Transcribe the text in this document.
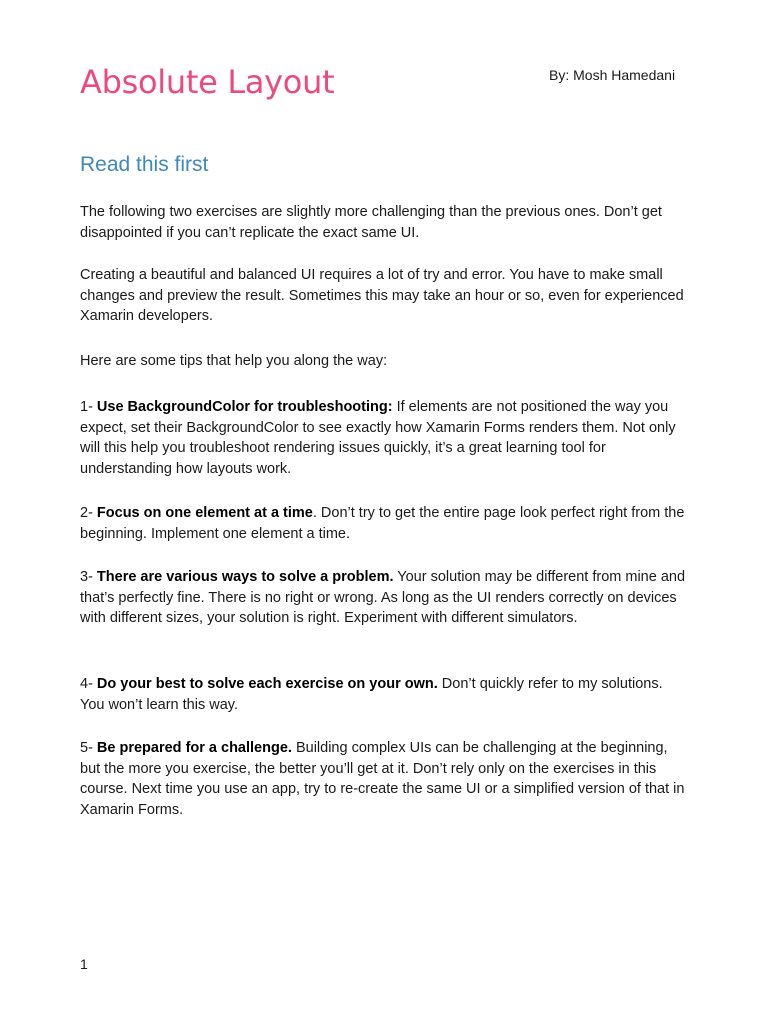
Absolute Layout	By: Mosh Hamedani
Read this first

The following two exercises are slightly more challenging than the previous ones. Don’t get disappointed if you can’t replicate the exact same UI.

Creating a beautiful and balanced UI requires a lot of try and error. You have to make small changes and preview the result. Sometimes this may take an hour or so, even for experienced Xamarin developers.

Here are some tips that help you along the way:

1- Use BackgroundColor for troubleshooting: If elements are not positioned the way you expect, set their BackgroundColor to see exactly how Xamarin Forms renders them. Not only will this help you troubleshoot rendering issues quickly, it’s a great learning tool for understanding how layouts work.

2- Focus on one element at a time. Don’t try to get the entire page look perfect right from the beginning. Implement one element a time.

3- There are various ways to solve a problem. Your solution may be different from mine and that’s perfectly fine. There is no right or wrong. As long as the UI renders correctly on devices with different sizes, your solution is right. Experiment with different simulators.

4- Do your best to solve each exercise on your own. Don’t quickly refer to my solutions. You won’t learn this way.

5- Be prepared for a challenge. Building complex UIs can be challenging at the beginning, but the more you exercise, the better you’ll get at it. Don’t rely only on the exercises in this course. Next time you use an app, try to re-create the same UI or a simplified version of that in Xamarin Forms.

1
